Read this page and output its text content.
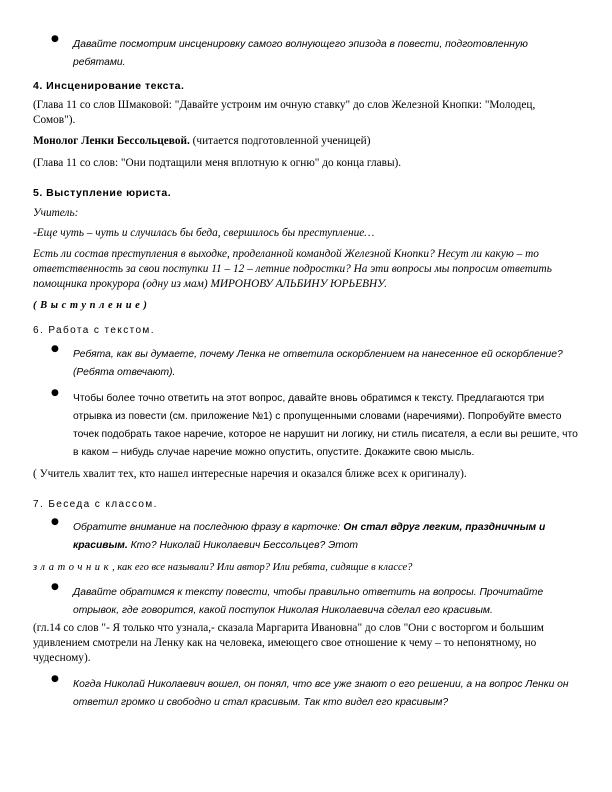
● Давайте посмотрим инсценировку самого волнующего эпизода в повести, подготовленную ребятами.
4. Инсценирование текста.
(Глава 11 со слов Шмаковой: "Давайте устроим им очную ставку" до слов Железной Кнопки: "Молодец, Сомов").
Монолог Ленки Бессольцевой. (читается подготовленной ученицей)
(Глава 11 со слов: "Они подтащили меня вплотную к огню" до конца главы).
5. Выступление юриста.
Учитель:
-Еще чуть – чуть и случилась бы беда, свершилось бы преступление…
Есть ли состав преступления в выходке, проделанной командой Железной Кнопки? Несут ли какую – то ответственность за свои поступки 11 – 12 – летние подростки? На эти вопросы мы попросим ответить помощника прокурора (одну из мам) МИРОНОВУ АЛЬБИНУ ЮРЬЕВНУ.
(Выступление)
6. Работа с текстом.
● Ребята, как вы думаете, почему Ленка не ответила оскорблением на нанесенное ей оскорбление? (Ребята отвечают).
● Чтобы более точно ответить на этот вопрос, давайте вновь обратимся к тексту. Предлагаются три отрывка из повести (см. приложение №1) с пропущенными словами (наречиями). Попробуйте вместо точек подобрать такое наречие, которое не нарушит ни логику, ни стиль писателя, а если вы решите, что в каком – нибудь случае наречие можно опустить, опустите. Докажите свою мысль.
( Учитель хвалит тех, кто нашел интересные наречия и оказался ближе всех к оригиналу).
7. Беседа с классом.
● Обратите внимание на последнюю фразу в карточке: Он стал вдруг легким, праздничным и красивым. Кто? Николай Николаевич Бессольцев? Этот
златочник, как его все называли? Или автор? Или ребята, сидящие в классе?
● Давайте обратимся к тексту повести, чтобы правильно ответить на вопросы. Прочитайте отрывок, где говорится, какой поступок Николая Николаевича сделал его красивым.
(гл.14 со слов "- Я только что узнала,- сказала Маргарита Ивановна" до слов "Они с восторгом и большим удивлением смотрели на Ленку как на человека, имеющего свое отношение к чему – то непонятному, но чудесному).
● Когда Николай Николаевич вошел, он понял, что все уже знают о его решении, а на вопрос Ленки он ответил громко и свободно и стал красивым. Так кто видел его красивым?
